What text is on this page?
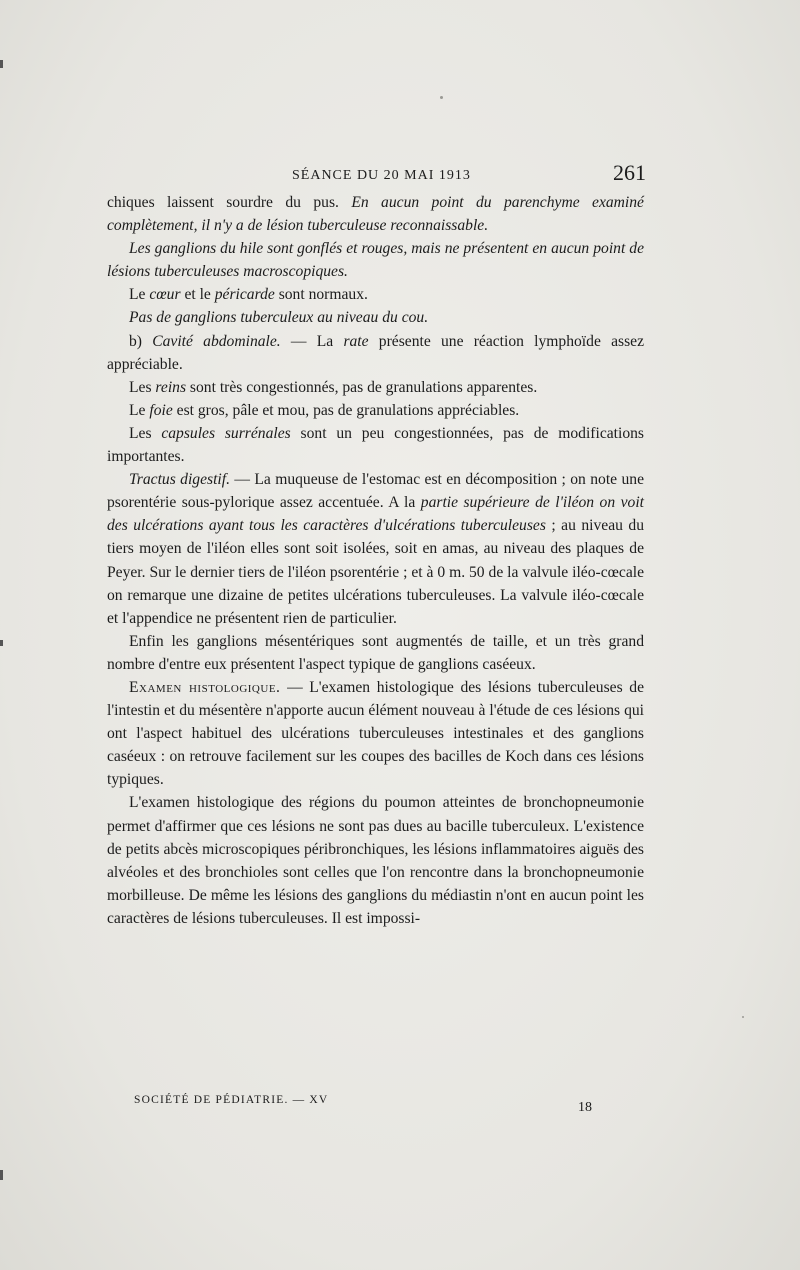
SÉANCE DU 20 MAI 1913	261

chiques laissent sourdre du pus. En aucun point du parenchyme examiné complètement, il n'y a de lésion tuberculeuse reconnaissable.

Les ganglions du hile sont gonflés et rouges, mais ne présentent en aucun point de lésions tuberculeuses macroscopiques.

Le cœur et le péricarde sont normaux.

Pas de ganglions tuberculeux au niveau du cou.

b) Cavité abdominale. — La rate présente une réaction lymphoïde assez appréciable.

Les reins sont très congestionnés, pas de granulations apparentes.

Le foie est gros, pâle et mou, pas de granulations appréciables.

Les capsules surrénales sont un peu congestionnées, pas de modifications importantes.

Tractus digestif. — La muqueuse de l'estomac est en décomposition ; on note une psorentérie sous-pylorique assez accentuée. A la partie supérieure de l'iléon on voit des ulcérations ayant tous les caractères d'ulcérations tuberculeuses ; au niveau du tiers moyen de l'iléon elles sont soit isolées, soit en amas, au niveau des plaques de Peyer. Sur le dernier tiers de l'iléon psorentérie ; et à 0 m. 50 de la valvule iléo-cœcale on remarque une dizaine de petites ulcérations tuberculeuses. La valvule iléo-cœcale et l'appendice ne présentent rien de particulier.

Enfin les ganglions mésentériques sont augmentés de taille, et un très grand nombre d'entre eux présentent l'aspect typique de ganglions caséeux.

Examen histologique. — L'examen histologique des lésions tuberculeuses de l'intestin et du mésentère n'apporte aucun élément nouveau à l'étude de ces lésions qui ont l'aspect habituel des ulcérations tuberculeuses intestinales et des ganglions caséeux : on retrouve facilement sur les coupes des bacilles de Koch dans ces lésions typiques.

L'examen histologique des régions du poumon atteintes de bronchopneumonie permet d'affirmer que ces lésions ne sont pas dues au bacille tuberculeux. L'existence de petits abcès microscopiques péribronchiques, les lésions inflammatoires aiguës des alvéoles et des bronchioles sont celles que l'on rencontre dans la bronchopneumonie morbilleuse. De même les lésions des ganglions du médiastin n'ont en aucun point les caractères de lésions tuberculeuses. Il est impossi-

SOCIÉTÉ DE PÉDIATRIE. — XV	18
